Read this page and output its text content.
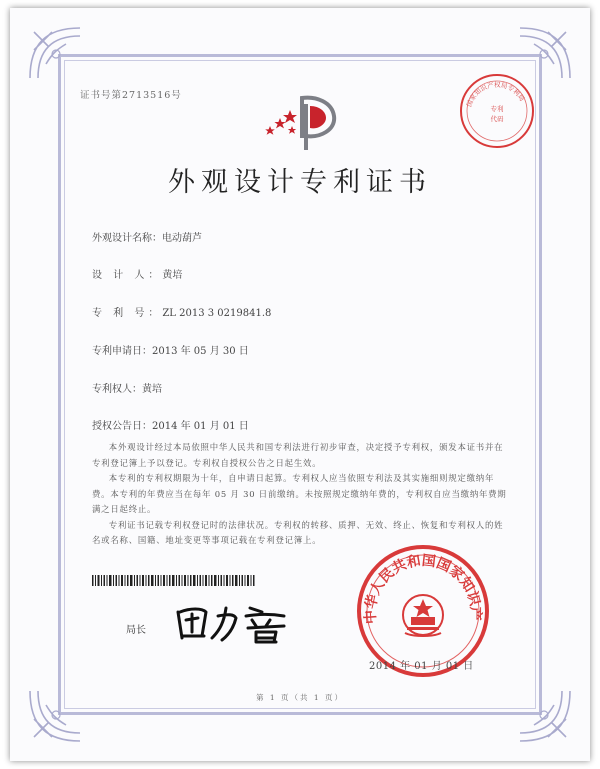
证书号第2713516号
国家知识产权局专利局
专利
代码
外观设计专利证书
外观设计名称：电动葫芦
设 计 人：黄培
专 利 号：ZL 2013 3 0219841.8
专利申请日：2013 年 05 月 30 日
专利权人：黄培
授权公告日：2014 年 01 月 01 日

本外观设计经过本局依照中华人民共和国专利法进行初步审查，决定授予专利权，颁发本证书并在专利登记簿上予以登记。专利权自授权公告之日起生效。

本专利的专利权期限为十年，自申请日起算。专利权人应当依照专利法及其实施细则规定缴纳年费。本专利的年费应当在每年 05 月 30 日前缴纳。未按照规定缴纳年费的，专利权自应当缴纳年费期满之日起终止。

专利证书记载专利权登记时的法律状况。专利权的转移、质押、无效、终止、恢复和专利权人的姓名或名称、国籍、地址变更等事项记载在专利登记簿上。

局长
中华人民共和国国家知识产
2014 年 01 月 01 日
第 1 页（共 1 页）
